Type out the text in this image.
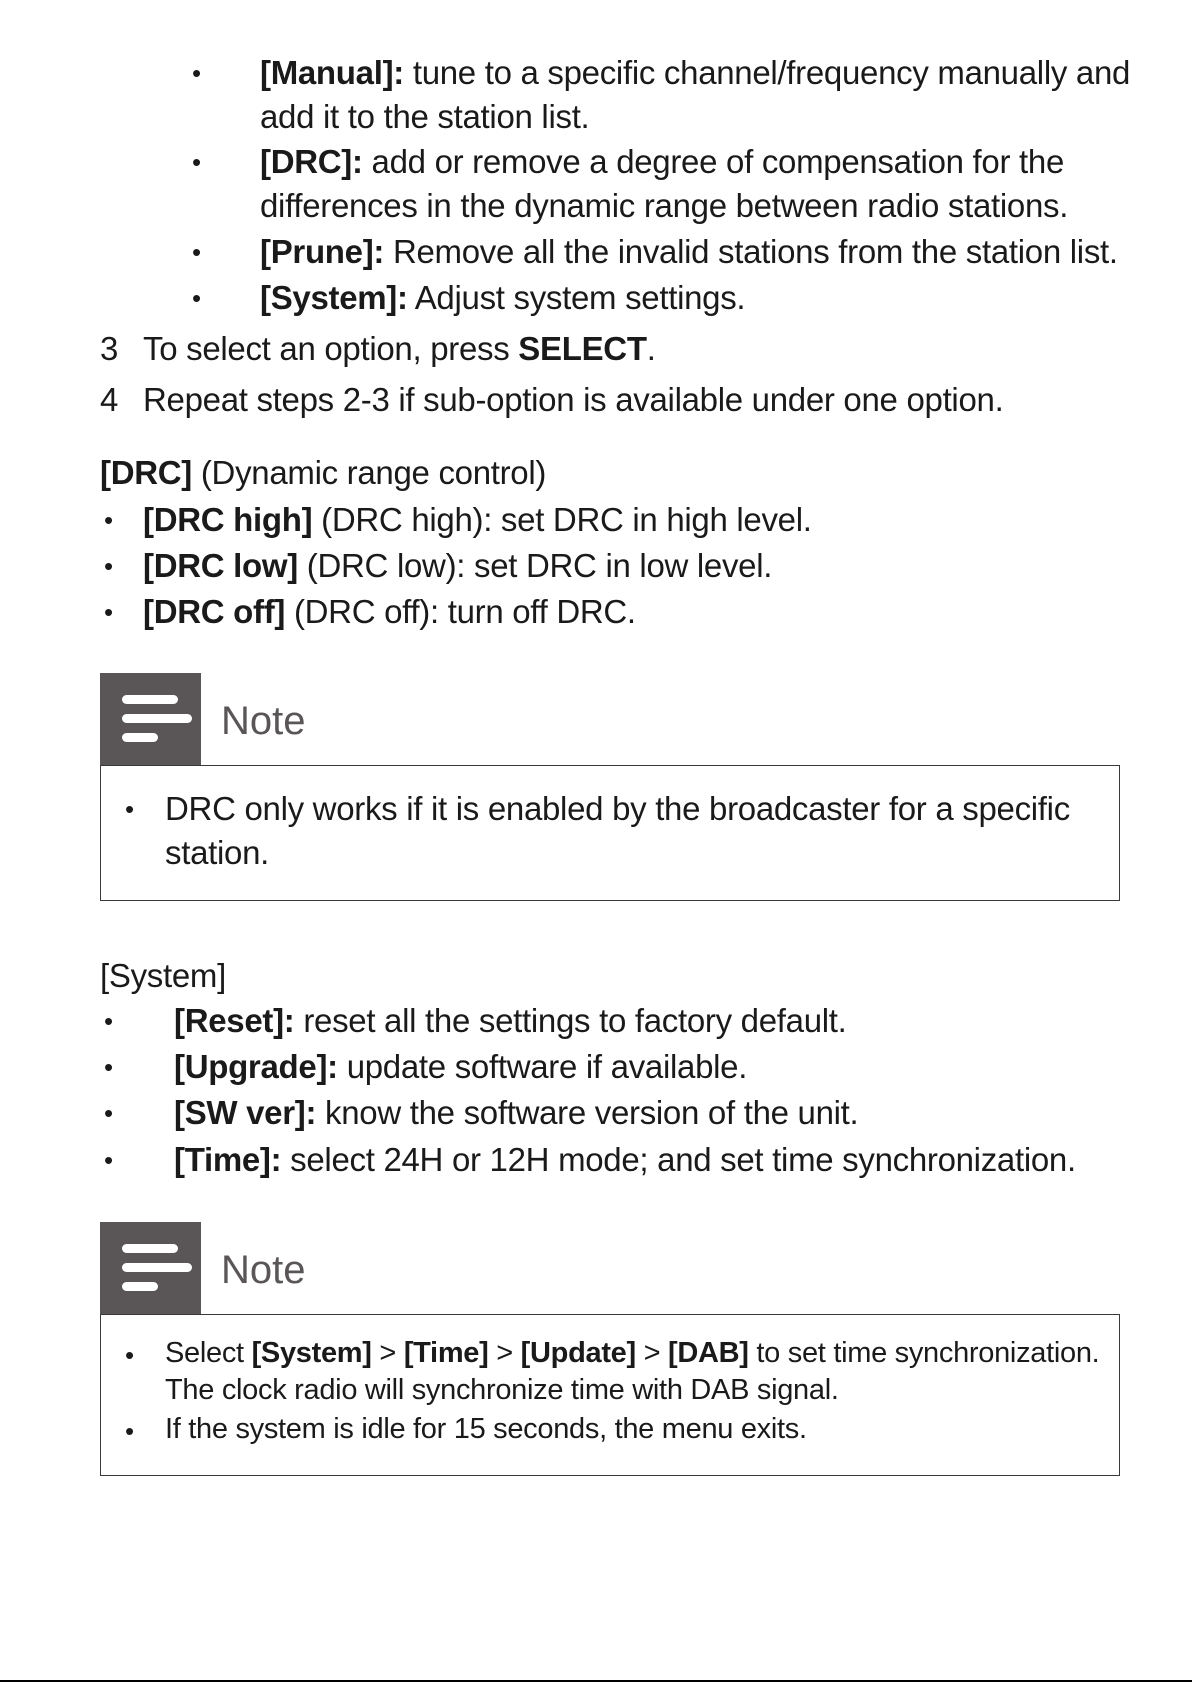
• [Manual]: tune to a specific channel/frequency manually and
add it to the station list.
• [DRC]: add or remove a degree of compensation for the
differences in the dynamic range between radio stations.
• [Prune]: Remove all the invalid stations from the station list.
• [System]: Adjust system settings.
3 To select an option, press SELECT.
4 Repeat steps 2-3 if sub-option is available under one option.
[DRC] (Dynamic range control)
• [DRC high] (DRC high): set DRC in high level.
• [DRC low] (DRC low): set DRC in low level.
• [DRC off] (DRC off): turn off DRC.
Note
• DRC only works if it is enabled by the broadcaster for a specific
station.
[System]
• [Reset]: reset all the settings to factory default.
• [Upgrade]: update software if available.
• [SW ver]: know the software version of the unit.
• [Time]: select 24H or 12H mode; and set time synchronization.
Note
• Select [System] > [Time] > [Update] > [DAB] to set time synchronization.
The clock radio will synchronize time with DAB signal.
• If the system is idle for 15 seconds, the menu exits.
